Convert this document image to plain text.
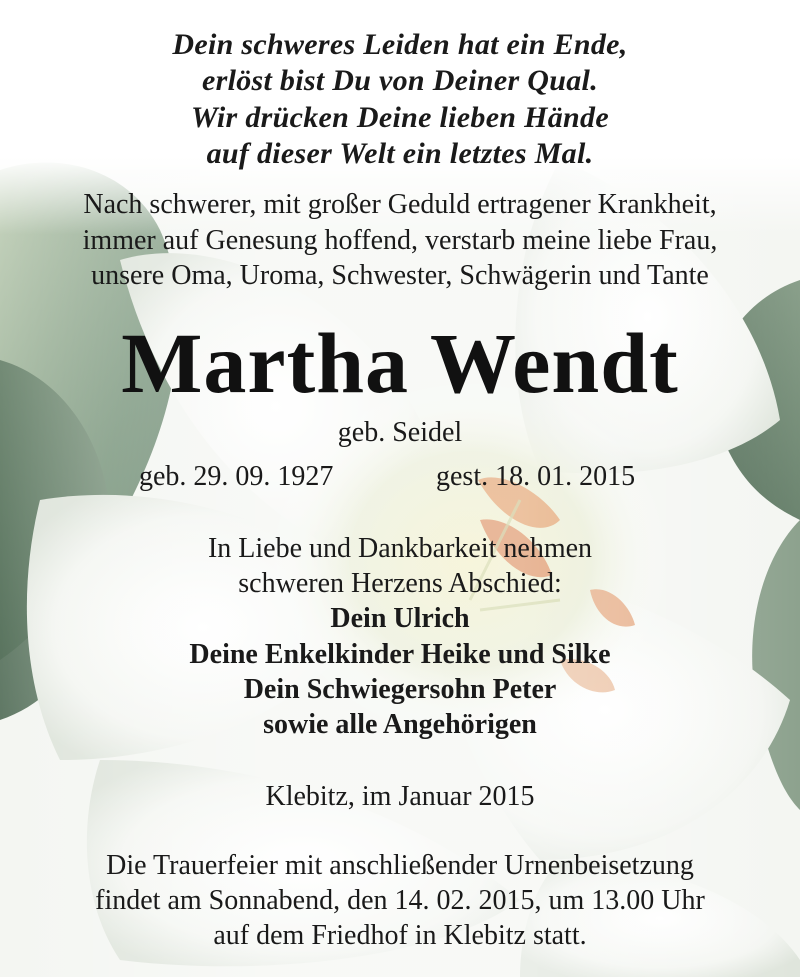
Dein schweres Leiden hat ein Ende,
erlöst bist Du von Deiner Qual.
Wir drücken Deine lieben Hände
auf dieser Welt ein letztes Mal.
Nach schwerer, mit großer Geduld ertragener Krankheit,
immer auf Genesung hoffend, verstarb meine liebe Frau,
unsere Oma, Uroma, Schwester, Schwägerin und Tante
Martha Wendt
geb. Seidel
geb. 29. 09. 1927	gest. 18. 01. 2015
In Liebe und Dankbarkeit nehmen
schweren Herzens Abschied:
Dein Ulrich
Deine Enkelkinder Heike und Silke
Dein Schwiegersohn Peter
sowie alle Angehörigen
Klebitz, im Januar 2015
Die Trauerfeier mit anschließender Urnenbeisetzung
findet am Sonnabend, den 14. 02. 2015, um 13.00 Uhr
auf dem Friedhof in Klebitz statt.
